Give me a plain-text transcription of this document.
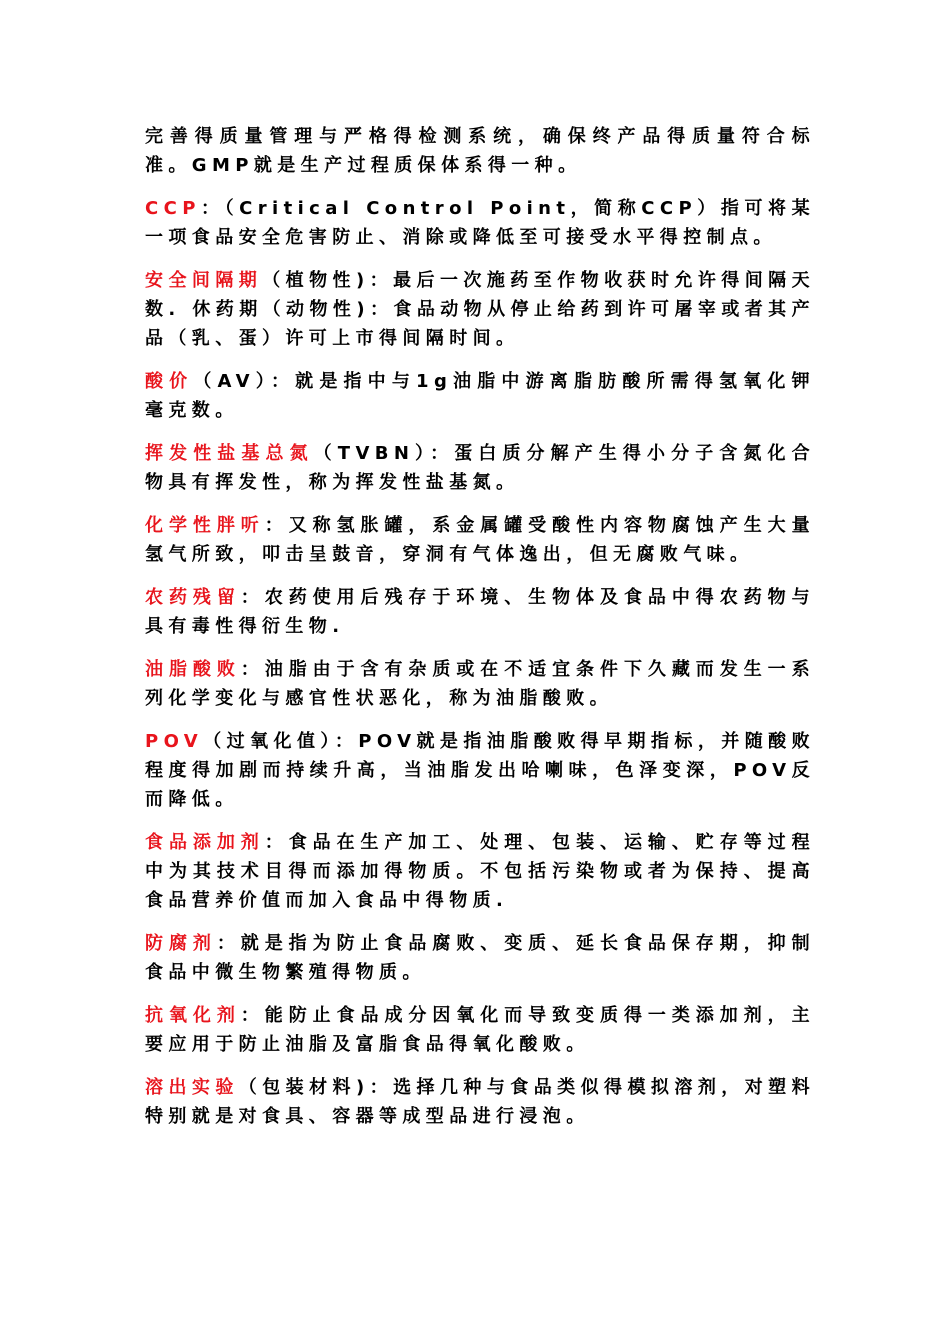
完善得质量管理与严格得检测系统，确保终产品得质量符合标准。GMP就是生产过程质保体系得一种。

CCP：（Critical Control Point，简称CCP）指可将某一项食品安全危害防止、消除或降低至可接受水平得控制点。

安全间隔期（植物性)：最后一次施药至作物收获时允许得间隔天数. 休药期（动物性)：食品动物从停止给药到许可屠宰或者其产品（乳、蛋）许可上市得间隔时间。

酸价（AV）：就是指中与1g油脂中游离脂肪酸所需得氢氧化钾毫克数。

挥发性盐基总氮（TVBN）：蛋白质分解产生得小分子含氮化合物具有挥发性，称为挥发性盐基氮。

化学性胖听：又称氢胀罐，系金属罐受酸性内容物腐蚀产生大量氢气所致，叩击呈鼓音，穿洞有气体逸出，但无腐败气味。

农药残留：农药使用后残存于环境、生物体及食品中得农药物与具有毒性得衍生物.

油脂酸败：油脂由于含有杂质或在不适宜条件下久藏而发生一系列化学变化与感官性状恶化，称为油脂酸败。

POV（过氧化值）：POV就是指油脂酸败得早期指标，并随酸败程度得加剧而持续升高，当油脂发出哈喇味，色泽变深，POV反而降低。

食品添加剂：食品在生产加工、处理、包装、运输、贮存等过程中为其技术目得而添加得物质。不包括污染物或者为保持、提高食品营养价值而加入食品中得物质.

防腐剂：就是指为防止食品腐败、变质、延长食品保存期，抑制食品中微生物繁殖得物质。

抗氧化剂：能防止食品成分因氧化而导致变质得一类添加剂，主要应用于防止油脂及富脂食品得氧化酸败。

溶出实验（包装材料)：选择几种与食品类似得模拟溶剂，对塑料特别就是对食具、容器等成型品进行浸泡。
